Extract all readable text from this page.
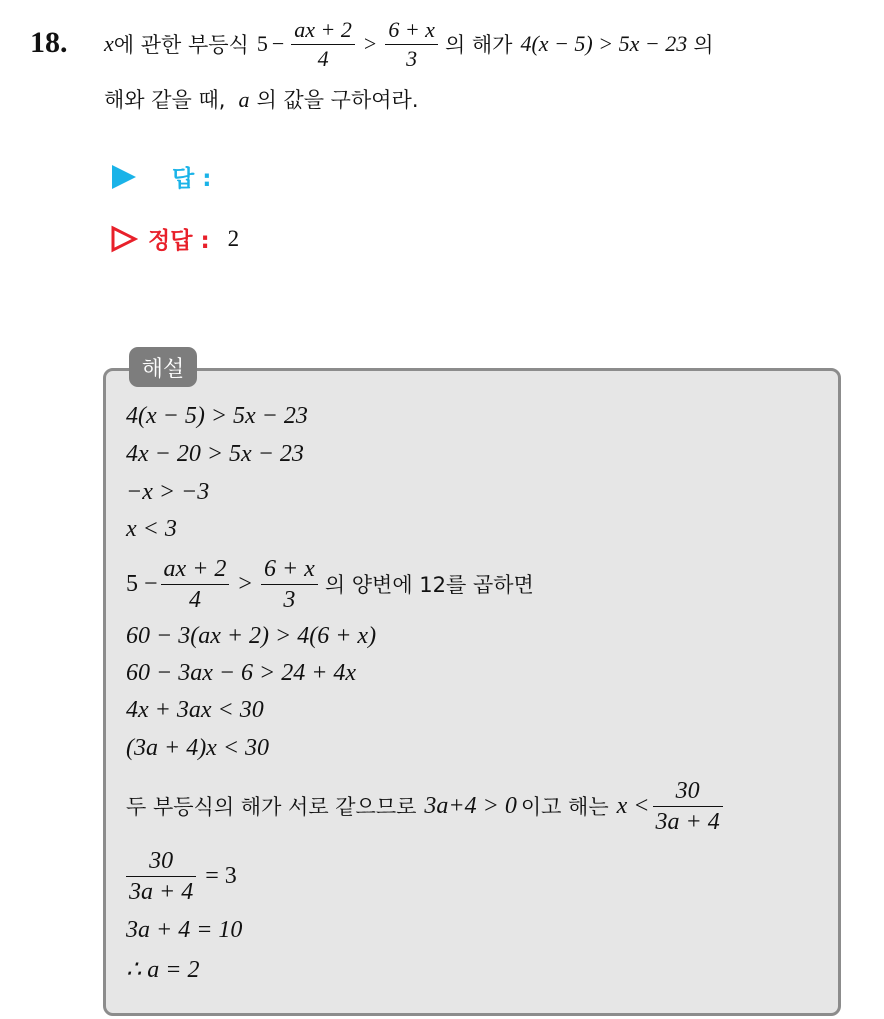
18. x 에 관한 부등식 $5 - \frac{ax + 2}{4} > \frac{6 + x}{3}$ 의 해가 4(x − 5) > 5x − 23 의
해와 같을 때, a 의 값을 구하여라.
답 :
정답 : 2
해설
4(x − 5) > 5x − 23
4x − 20 > 5x − 23
−x > −3
x < 3
$5 - \frac{ax + 2}{4} > \frac{6 + x}{3}$ 의 양변에 12를 곱하면
60 − 3(ax + 2) > 4(6 + x)
60 − 3ax − 6 > 24 + 4x
4x + 3ax < 30
(3a + 4)x < 30
두 부등식의 해가 서로 같으므로 3a+4 > 0 이고 해는 $x < \frac{30}{3a + 4}$
$\frac{30}{3a + 4} = 3$
3a + 4 = 10
∴ a = 2
